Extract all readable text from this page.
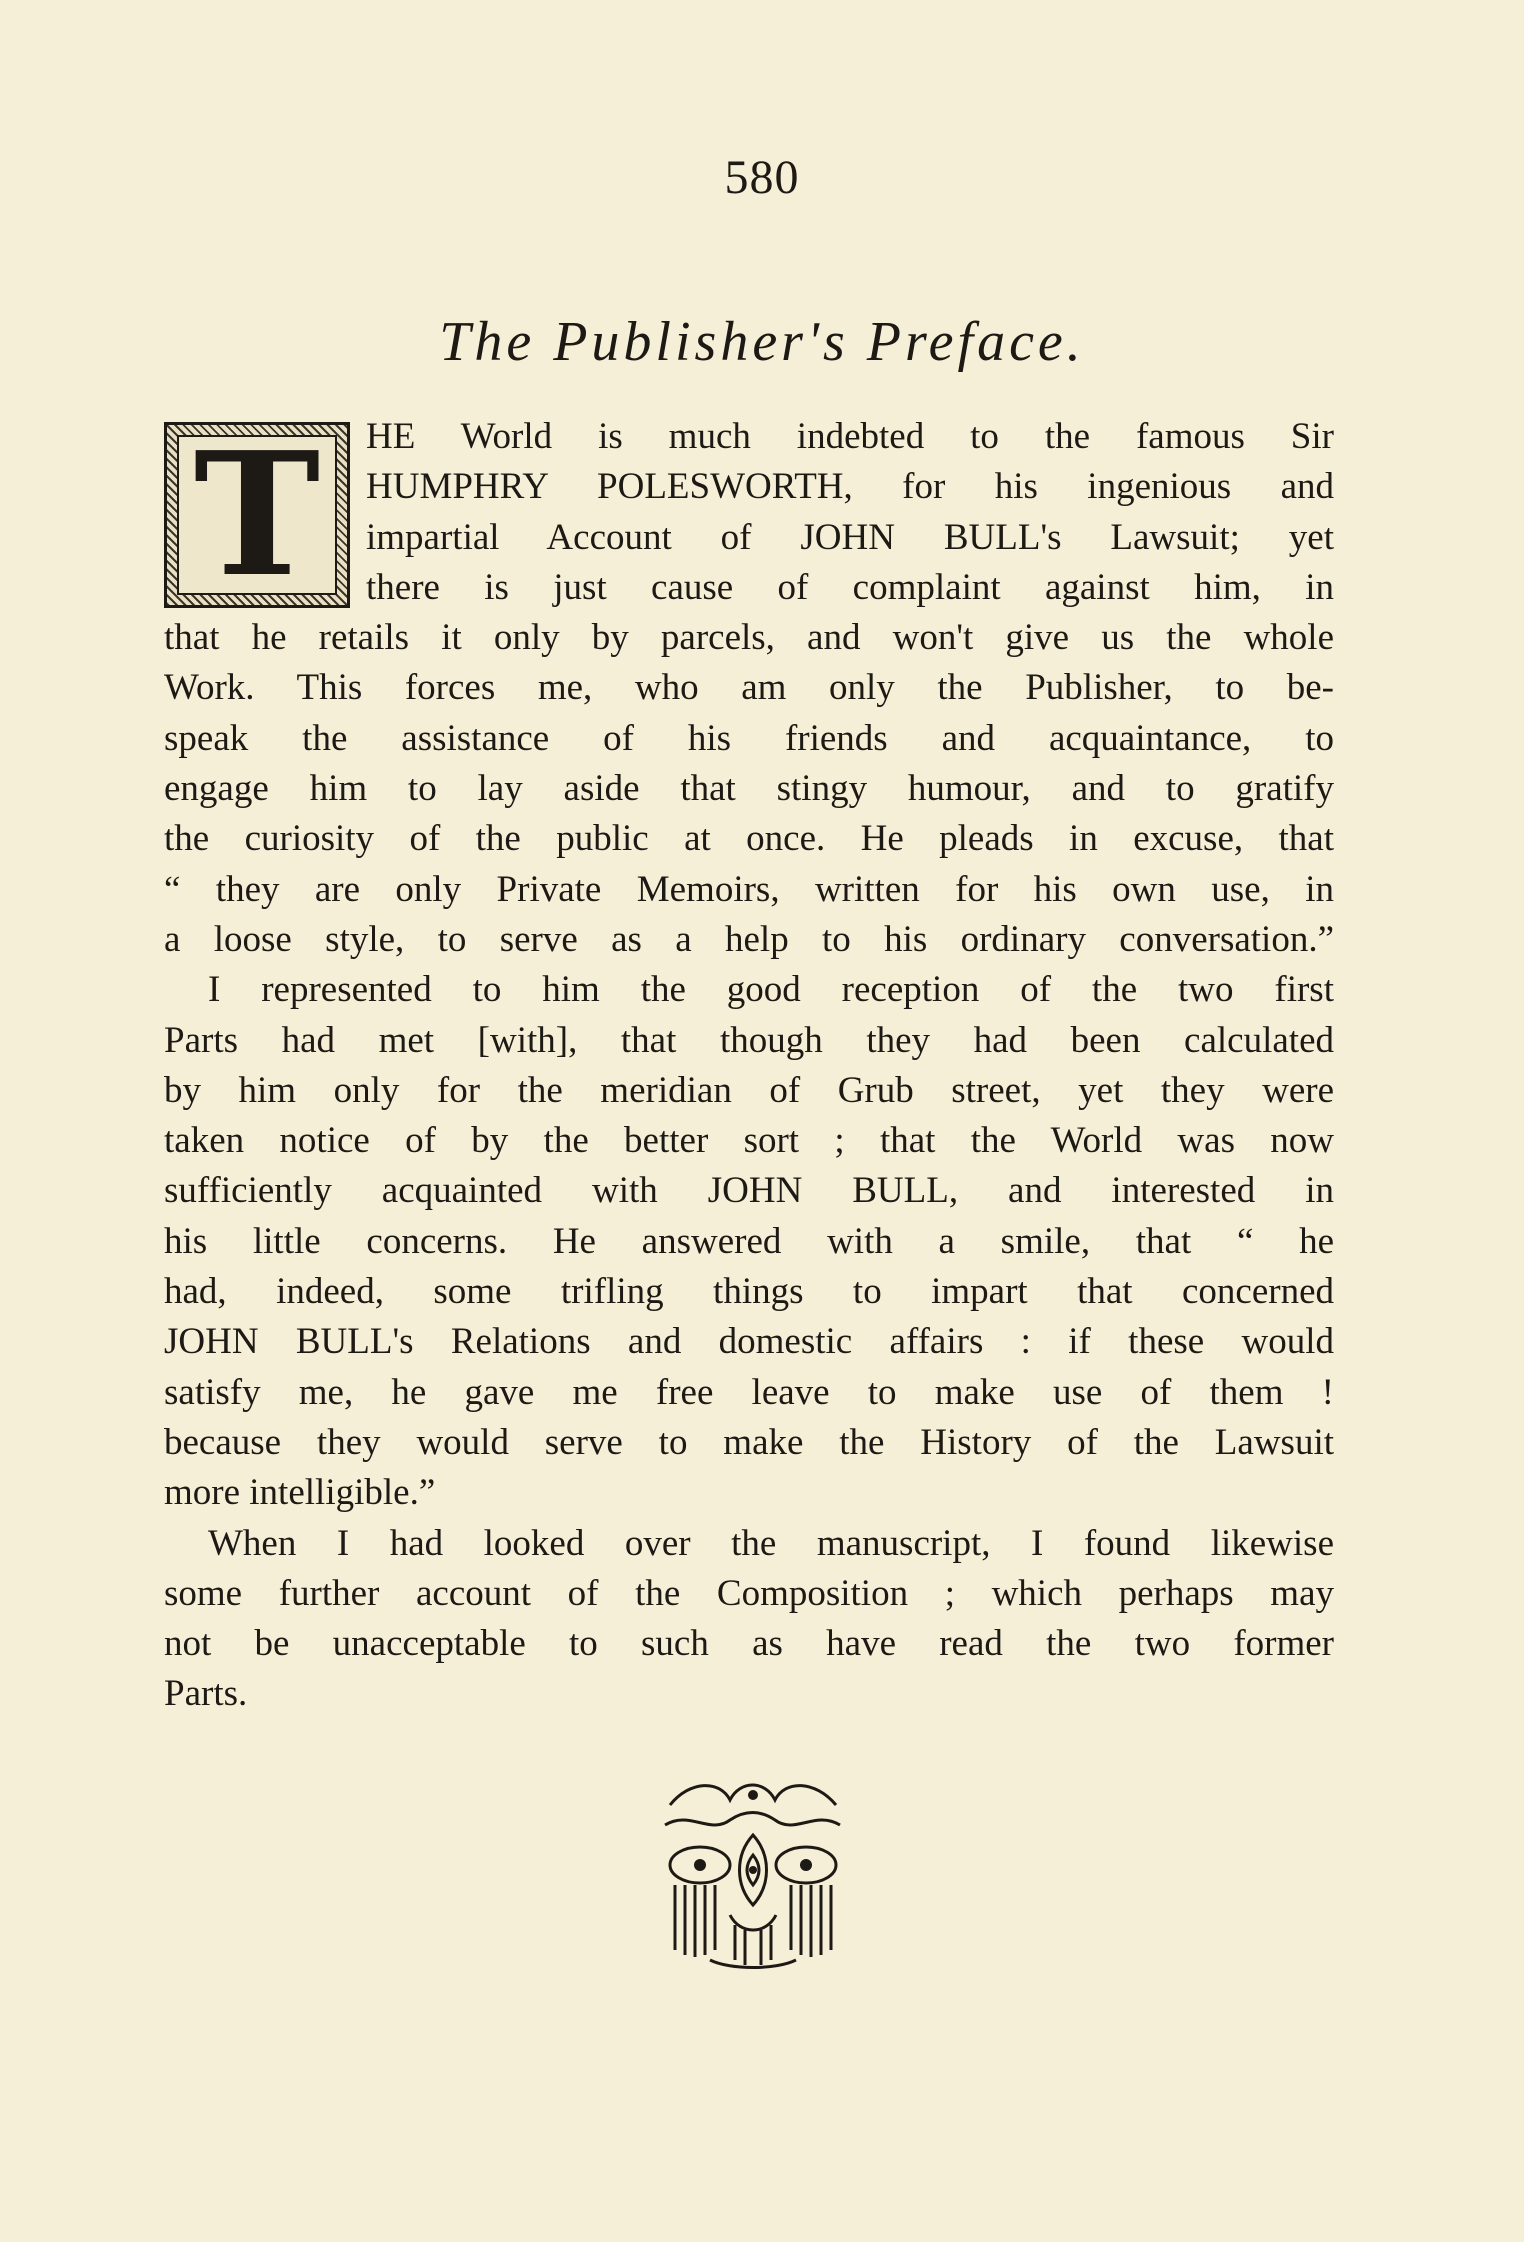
580
The Publisher's Preface.
T HE World is much indebted to the famous Sir
HUMPHRY POLESWORTH, for his ingenious and
impartial Account of JOHN BULL's Lawsuit; yet
there is just cause of complaint against him, in
that he retails it only by parcels, and won't give us the whole
Work. This forces me, who am only the Publisher, to be-
speak the assistance of his friends and acquaintance, to
engage him to lay aside that stingy humour, and to gratify
the curiosity of the public at once. He pleads in excuse, that
“ they are only Private Memoirs, written for his own use, in
a loose style, to serve as a help to his ordinary conversation.”
I represented to him the good reception of the two first
Parts had met [with], that though they had been calculated
by him only for the meridian of Grub street, yet they were
taken notice of by the better sort ; that the World was now
sufficiently acquainted with JOHN BULL, and interested in
his little concerns. He answered with a smile, that “ he
had, indeed, some trifling things to impart that concerned
JOHN BULL's Relations and domestic affairs : if these would
satisfy me, he gave me free leave to make use of them !
because they would serve to make the History of the Lawsuit
more intelligible.”
When I had looked over the manuscript, I found likewise
some further account of the Composition ; which perhaps may
not be unacceptable to such as have read the two former
Parts.
